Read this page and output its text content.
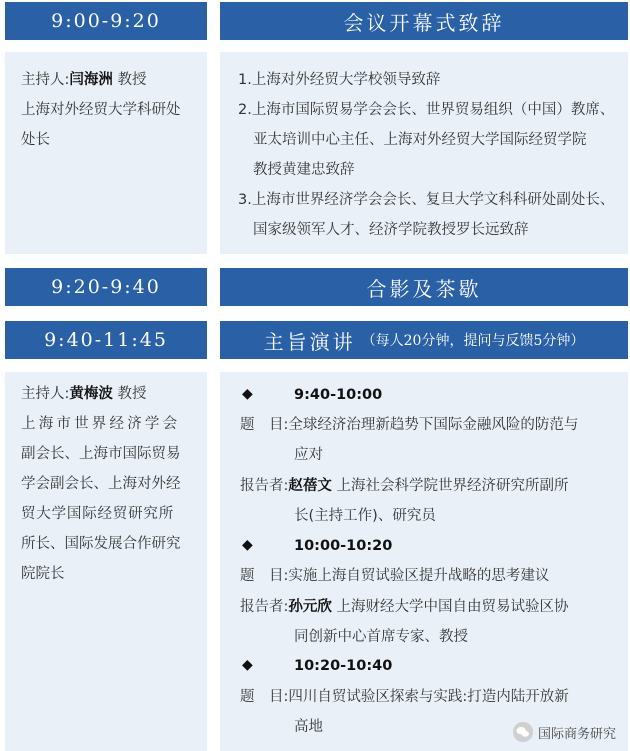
9:00-9:20	会议开幕式致辞
主持人:闫海洲 教授
上海对外经贸大学科研处
处长
1.上海对外经贸大学校领导致辞
2.上海市国际贸易学会会长、世界贸易组织（中国）教席、
亚太培训中心主任、上海对外经贸大学国际经贸学院
教授黄建忠致辞
3.上海市世界经济学会会长、复旦大学文科科研处副处长、
国家级领军人才、经济学院教授罗长远致辞
9:20-9:40	合影及茶歇
9:40-11:45	主旨演讲 （每人20分钟，提问与反馈5分钟）
主持人:黄梅波 教授
上海市世界经济学会
副会长、上海市国际贸易
学会副会长、上海对外经
贸大学国际经贸研究所
所长、国际发展合作研究
院院长
◆	9:40-10:00
题　目:全球经济治理新趋势下国际金融风险的防范与
应对
报告者:赵蓓文 上海社会科学院世界经济研究所副所
长(主持工作)、研究员
◆	10:00-10:20
题　目:实施上海自贸试验区提升战略的思考建议
报告者:孙元欣 上海财经大学中国自由贸易试验区协
同创新中心首席专家、教授
◆	10:20-10:40
题　目:四川自贸试验区探索与实践:打造内陆开放新
高地	国际商务研究
